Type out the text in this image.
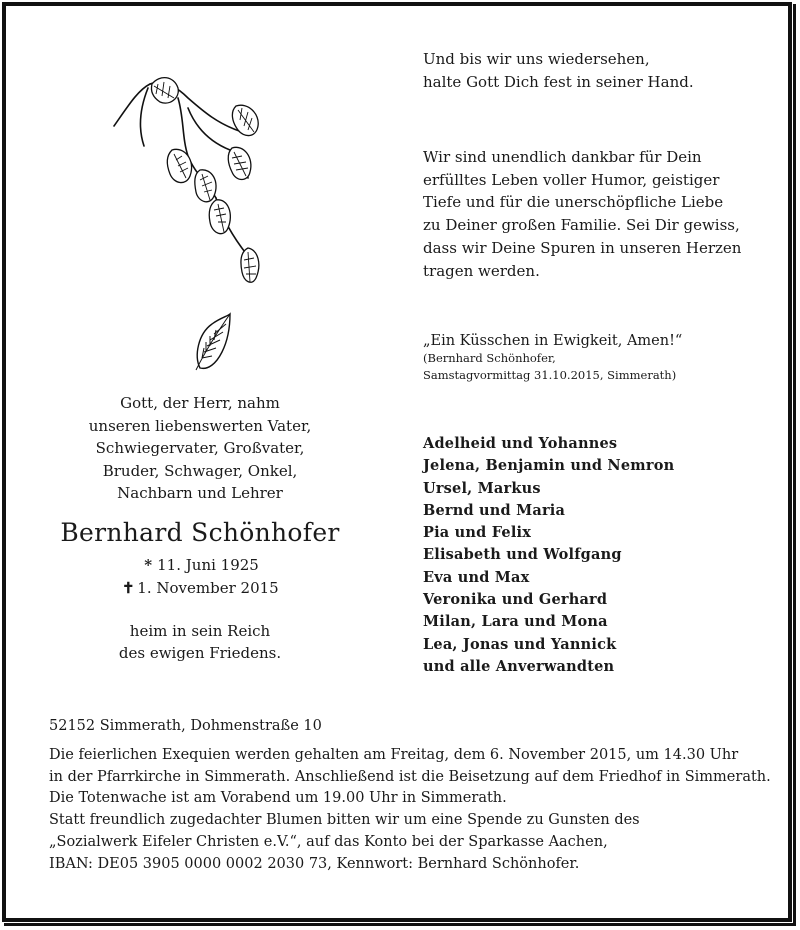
Und bis wir uns wiedersehen,
halte Gott Dich fest in seiner Hand.
Wir sind unendlich dankbar für Dein
erfülltes Leben voller Humor, geistiger
Tiefe und für die unerschöpfliche Liebe
zu Deiner großen Familie. Sei Dir gewiss,
dass wir Deine Spuren in unseren Herzen
tragen werden.
„Ein Küsschen in Ewigkeit, Amen!“
(Bernhard Schönhofer,
Samstagvormittag 31.10.2015, Simmerath)
Adelheid und Yohannes
Jelena, Benjamin und Nemron
Ursel, Markus
Bernd und Maria
Pia und Felix
Elisabeth und Wolfgang
Eva und Max
Veronika und Gerhard
Milan, Lara und Mona
Lea, Jonas und Yannick
und alle Anverwandten
Gott, der Herr, nahm
unseren liebenswerten Vater,
Schwiegervater, Großvater,
Bruder, Schwager, Onkel,
Nachbarn und Lehrer
Bernhard Schönhofer
* 11. Juni 1925
✝ 1. November 2015
heim in sein Reich
des ewigen Friedens.
52152 Simmerath, Dohmenstraße 10
Die feierlichen Exequien werden gehalten am Freitag, dem 6. November 2015, um 14.30 Uhr
in der Pfarrkirche in Simmerath. Anschließend ist die Beisetzung auf dem Friedhof in Simmerath.
Die Totenwache ist am Vorabend um 19.00 Uhr in Simmerath.
Statt freundlich zugedachter Blumen bitten wir um eine Spende zu Gunsten des
„Sozialwerk Eifeler Christen e.V.“, auf das Konto bei der Sparkasse Aachen,
IBAN: DE05 3905 0000 0002 2030 73, Kennwort: Bernhard Schönhofer.
